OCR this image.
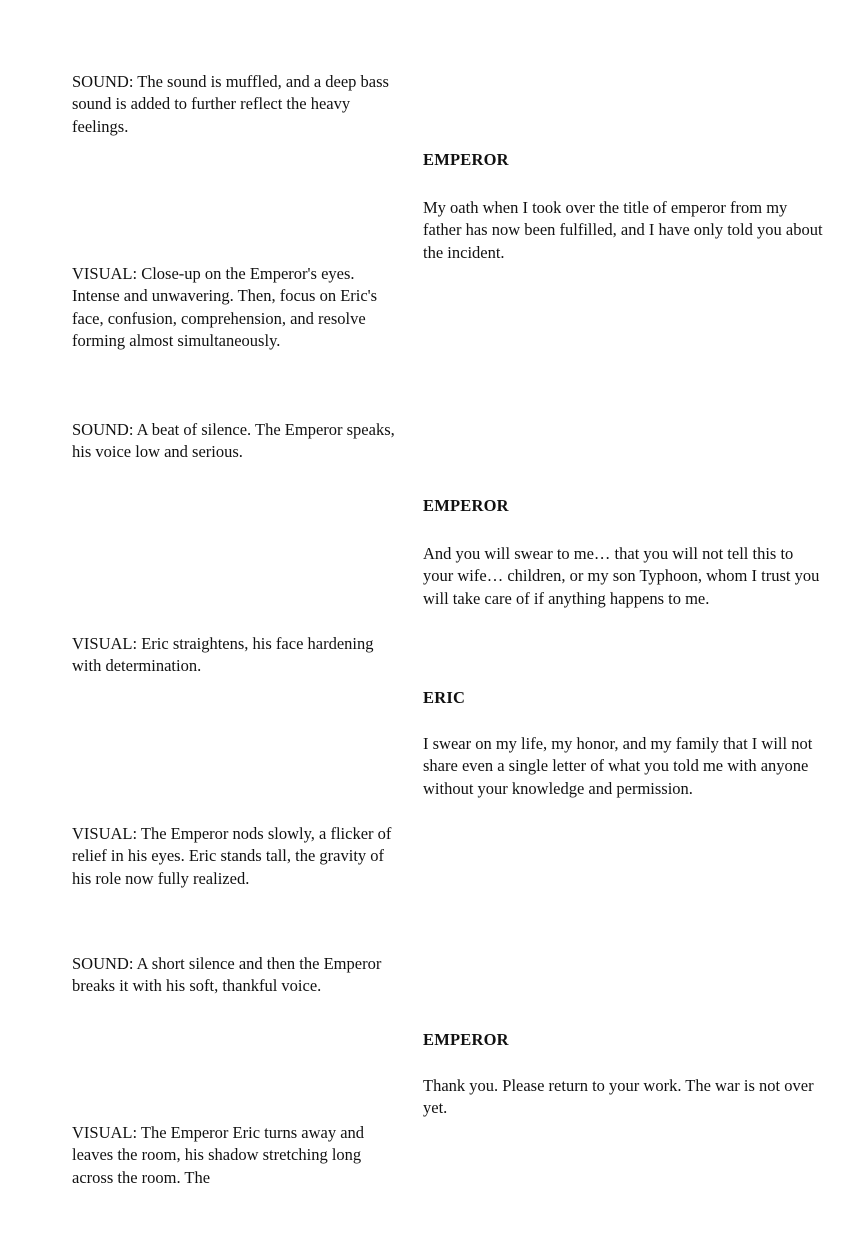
SOUND: The sound is muffled, and a deep bass sound is added to further reflect the heavy feelings.

VISUAL: Close-up on the Emperor's eyes. Intense and unwavering. Then, focus on Eric's face, confusion, comprehension, and resolve forming almost simultaneously.

SOUND: A beat of silence. The Emperor speaks, his voice low and serious.

VISUAL: Eric straightens, his face hardening with determination.

VISUAL: The Emperor nods slowly, a flicker of relief in his eyes. Eric stands tall, the gravity of his role now fully realized.

SOUND: A short silence and then the Emperor breaks it with his soft, thankful voice.

VISUAL: The Emperor Eric turns away and leaves the room, his shadow stretching long across the room. The

EMPEROR

My oath when I took over the title of emperor from my father has now been fulfilled, and I have only told you about the incident.

EMPEROR

And you will swear to me… that you will not tell this to your wife… children, or my son Typhoon, whom I trust you will take care of if anything happens to me.

ERIC

I swear on my life, my honor, and my family that I will not share even a single letter of what you told me with anyone without your knowledge and permission.

EMPEROR

Thank you. Please return to your work. The war is not over yet.
